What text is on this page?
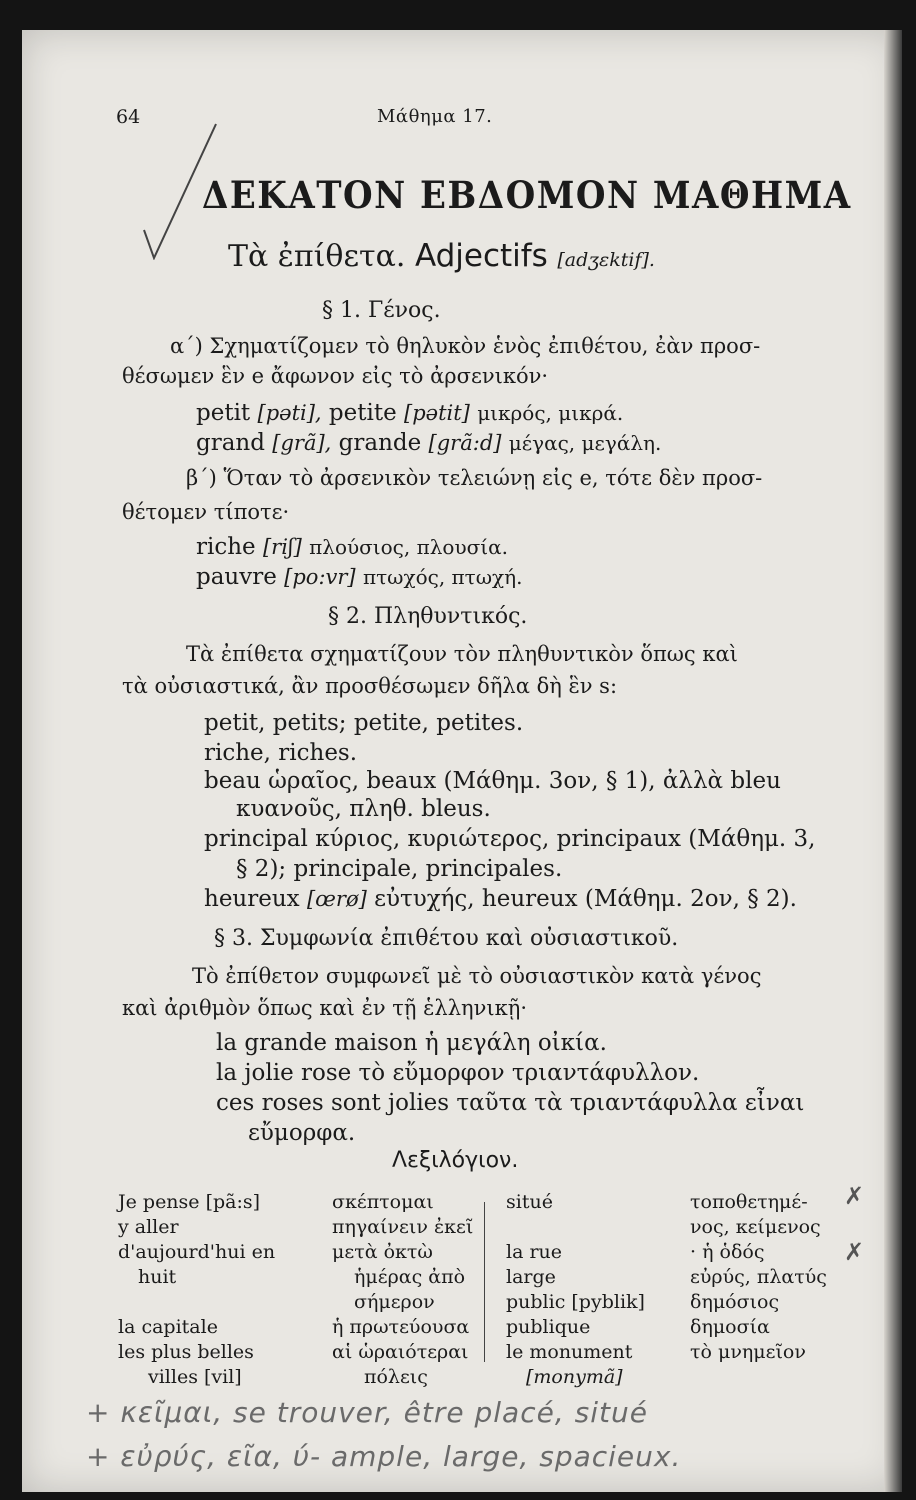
64	Μάθημα 17.
ΔΕΚΑΤΟΝ ΕΒΔΟΜΟΝ ΜΑΘΗΜΑ
Τὰ ἐπίθετα. Adjectifs [adʒεktif].
§ 1. Γένος.
α΄) Σχηματίζομεν τὸ θηλυκὸν ἑνὸς ἐπιθέτου, ἐὰν προσ-
θέσωμεν ἓν e ἄφωνον εἰς τὸ ἀρσενικόν·
petit [pəti], petite [pətit] μικρός, μικρά.
grand [grã], grande [grã:d] μέγας, μεγάλη.
β΄) Ὅταν τὸ ἀρσενικὸν τελειώνῃ εἰς e, τότε δὲν προσ-
θέτομεν τίποτε·
riche [riʃ] πλούσιος, πλουσία.
pauvre [po:vr] πτωχός, πτωχή.
§ 2. Πληθυντικός.
Τὰ ἐπίθετα σχηματίζουν τὸν πληθυντικὸν ὅπως καὶ
τὰ οὐσιαστικά, ἂν προσθέσωμεν δῆλα δὴ ἓν s:
petit, petits; petite, petites.
riche, riches.
beau ὡραῖος, beaux (Μάθημ. 3ον, § 1), ἀλλὰ bleu
κυανοῦς, πληθ. bleus.
principal κύριος, κυριώτερος, principaux (Μάθημ. 3,
§ 2); principale, principales.
heureux [œrø] εὐτυχής, heureux (Μάθημ. 2ον, § 2).
§ 3. Συμφωνία ἐπιθέτου καὶ οὐσιαστικοῦ.
Τὸ ἐπίθετον συμφωνεῖ μὲ τὸ οὐσιαστικὸν κατὰ γένος
καὶ ἀριθμὸν ὅπως καὶ ἐν τῇ ἑλληνικῇ·
la grande maison ἡ μεγάλη οἰκία.
la jolie rose τὸ εὔμορφον τριαντάφυλλον.
ces roses sont jolies ταῦτα τὰ τριαντάφυλλα εἶναι
εὔμορφα.
Λεξιλόγιον.
Je pense [pã:s]
y aller
d'aujourd'hui en
huit

la capitale
les plus belles
villes [vil]
σκέπτομαι
πηγαίνειν ἐκεῖ
μετὰ ὀκτὼ
ἡμέρας ἀπὸ
σήμερον
ἡ πρωτεύουσα
αἱ ὡραιότεραι
πόλεις
situé

la rue
large
public [pyblik]
publique
le monument
[monymã]
τοποθετημέ-
νος, κείμενος
· ἡ ὁδός
εὐρύς, πλατύς
δημόσιος
δημοσία
τὸ μνημεῖον
✗
✗
+ κεῖμαι, se trouver, être placé, situé
+ εὐρύς, εῖα, ύ- ample, large, spacieux.
